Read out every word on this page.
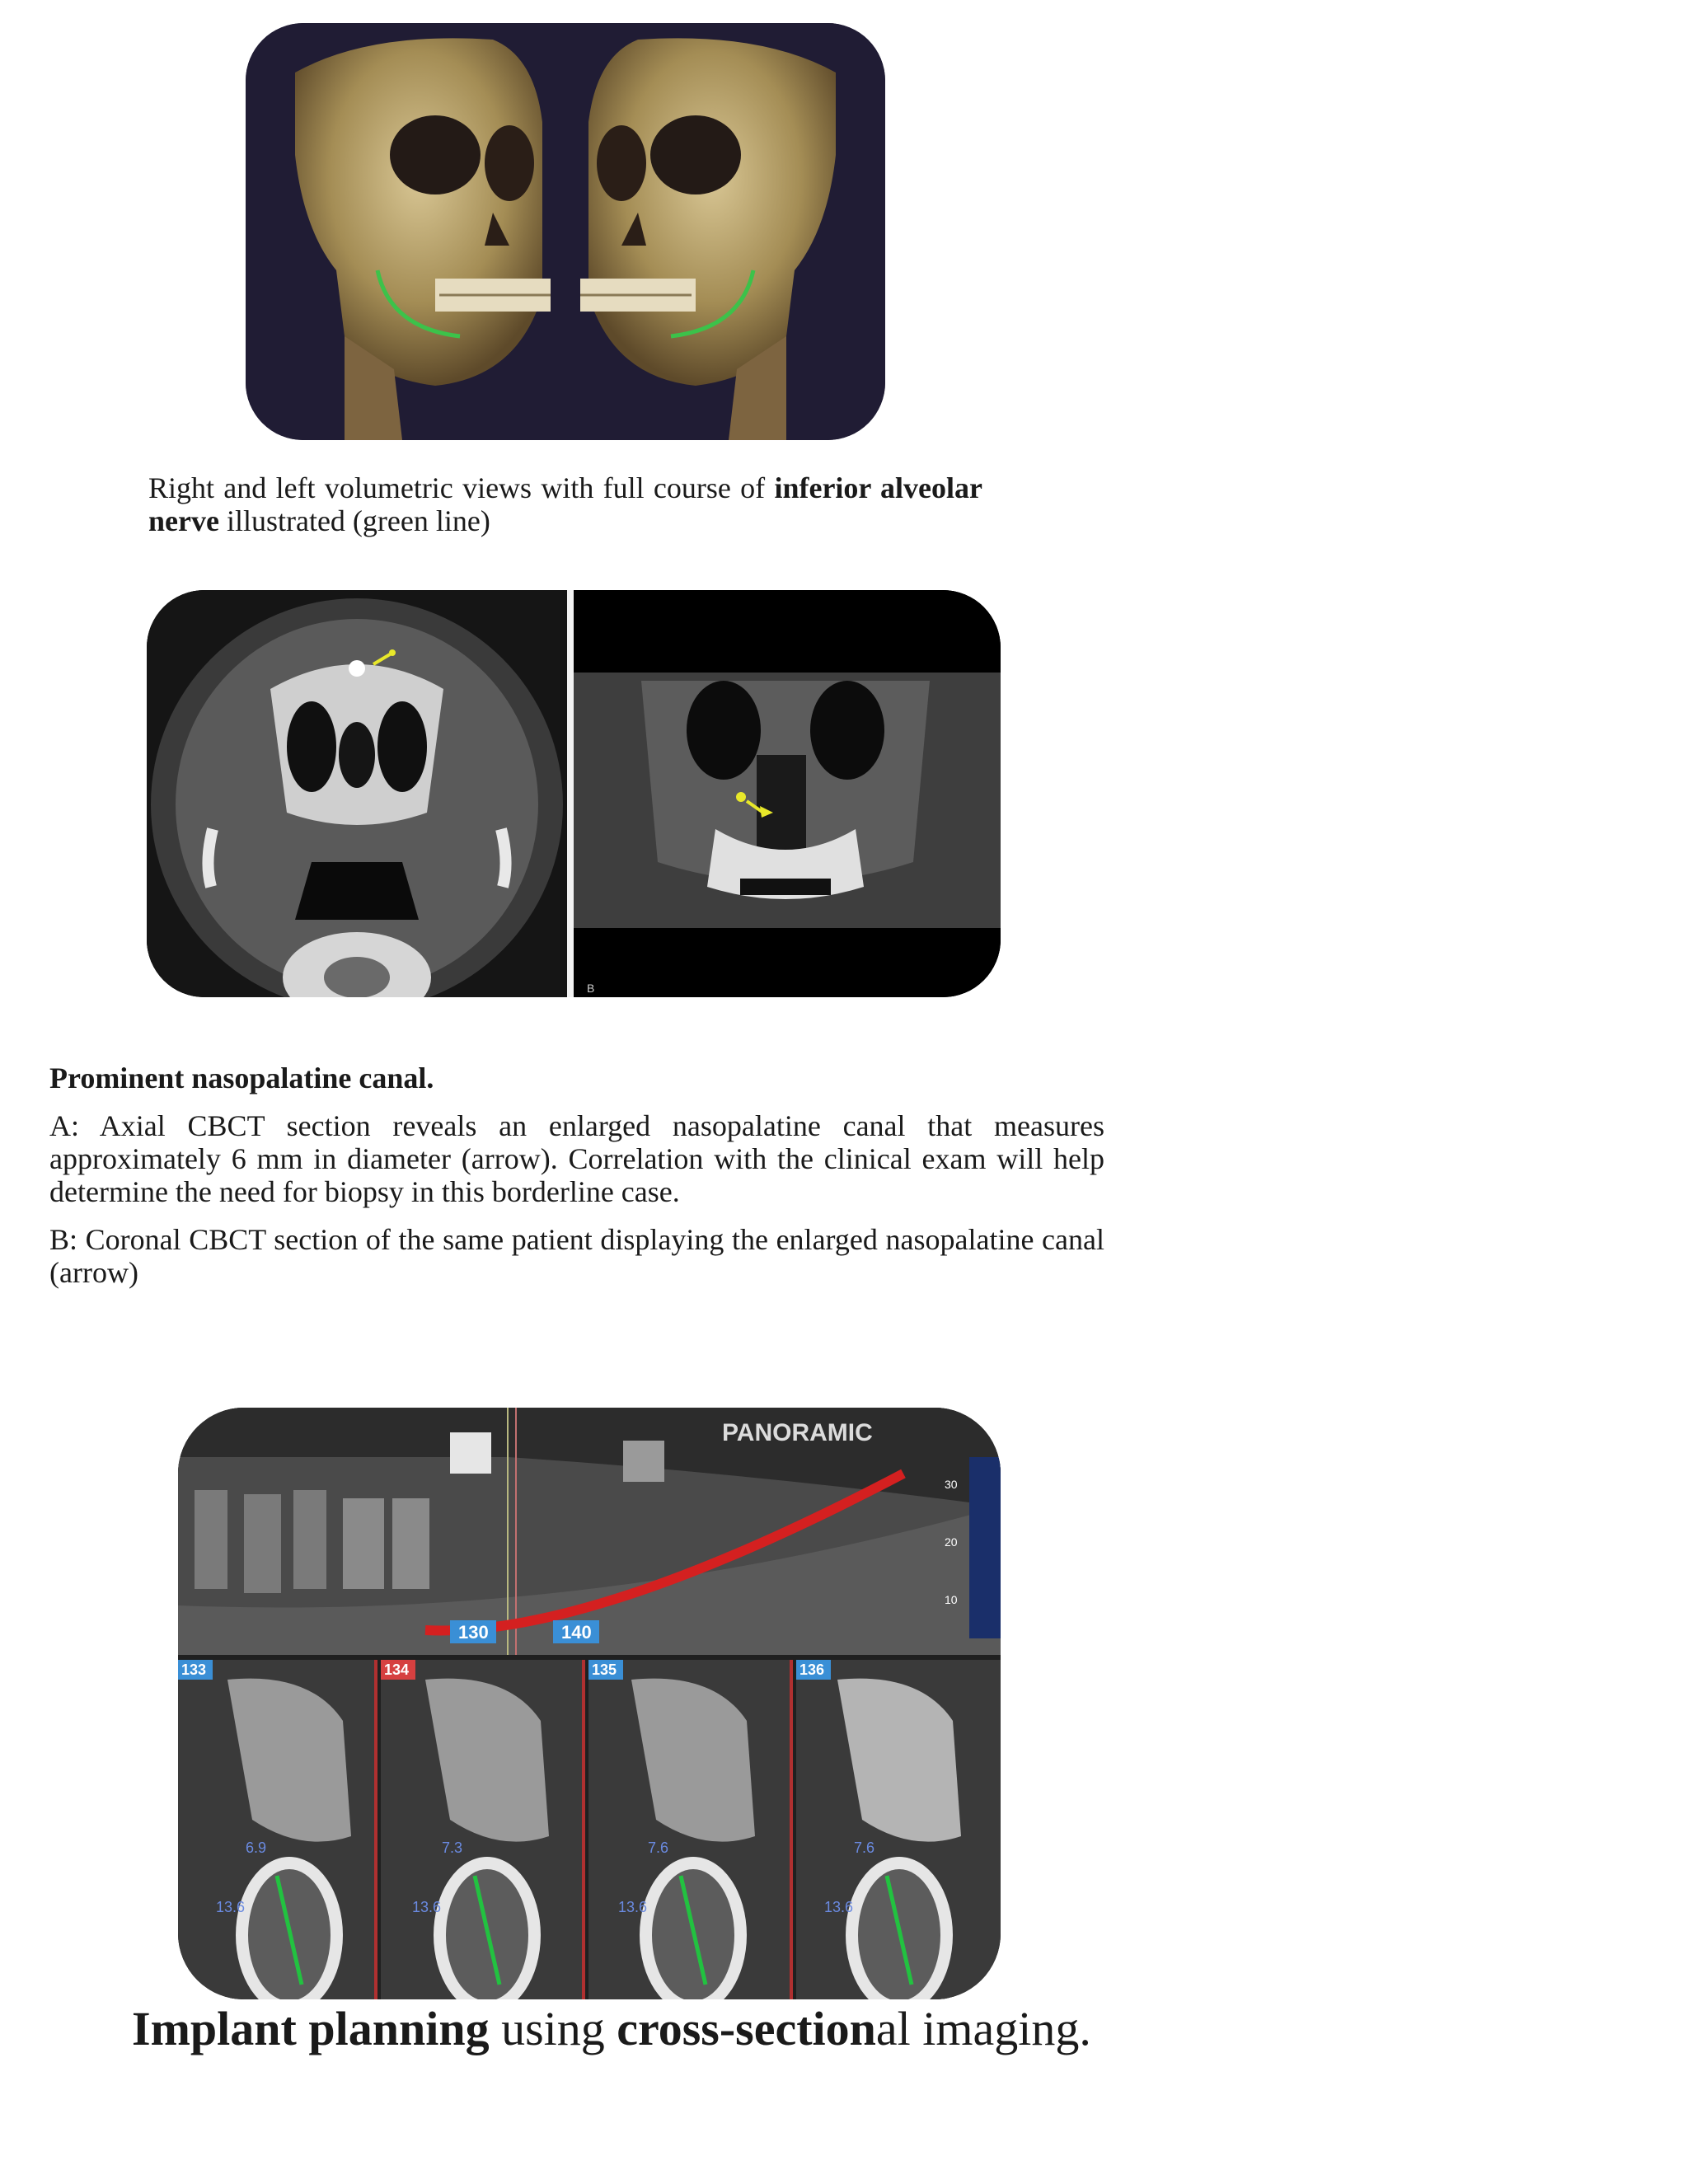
Right and left volumetric views with full course of inferior alveolar nerve illustrated (green line)

B

Prominent nasopalatine canal.

A: Axial CBCT section reveals an enlarged nasopalatine canal that measures approximately 6 mm in diameter (arrow). Correlation with the clinical exam will help determine the need for biopsy in this borderline case.

B: Coronal CBCT section of the same patient displaying the enlarged nasopalatine canal (arrow)

PANORAMIC
30
20
10
130	140
133
6.9
13.6
134
7.3
13.6
135
7.6
13.6
136
7.6
13.6

Implant planning using cross-sectional imaging.
